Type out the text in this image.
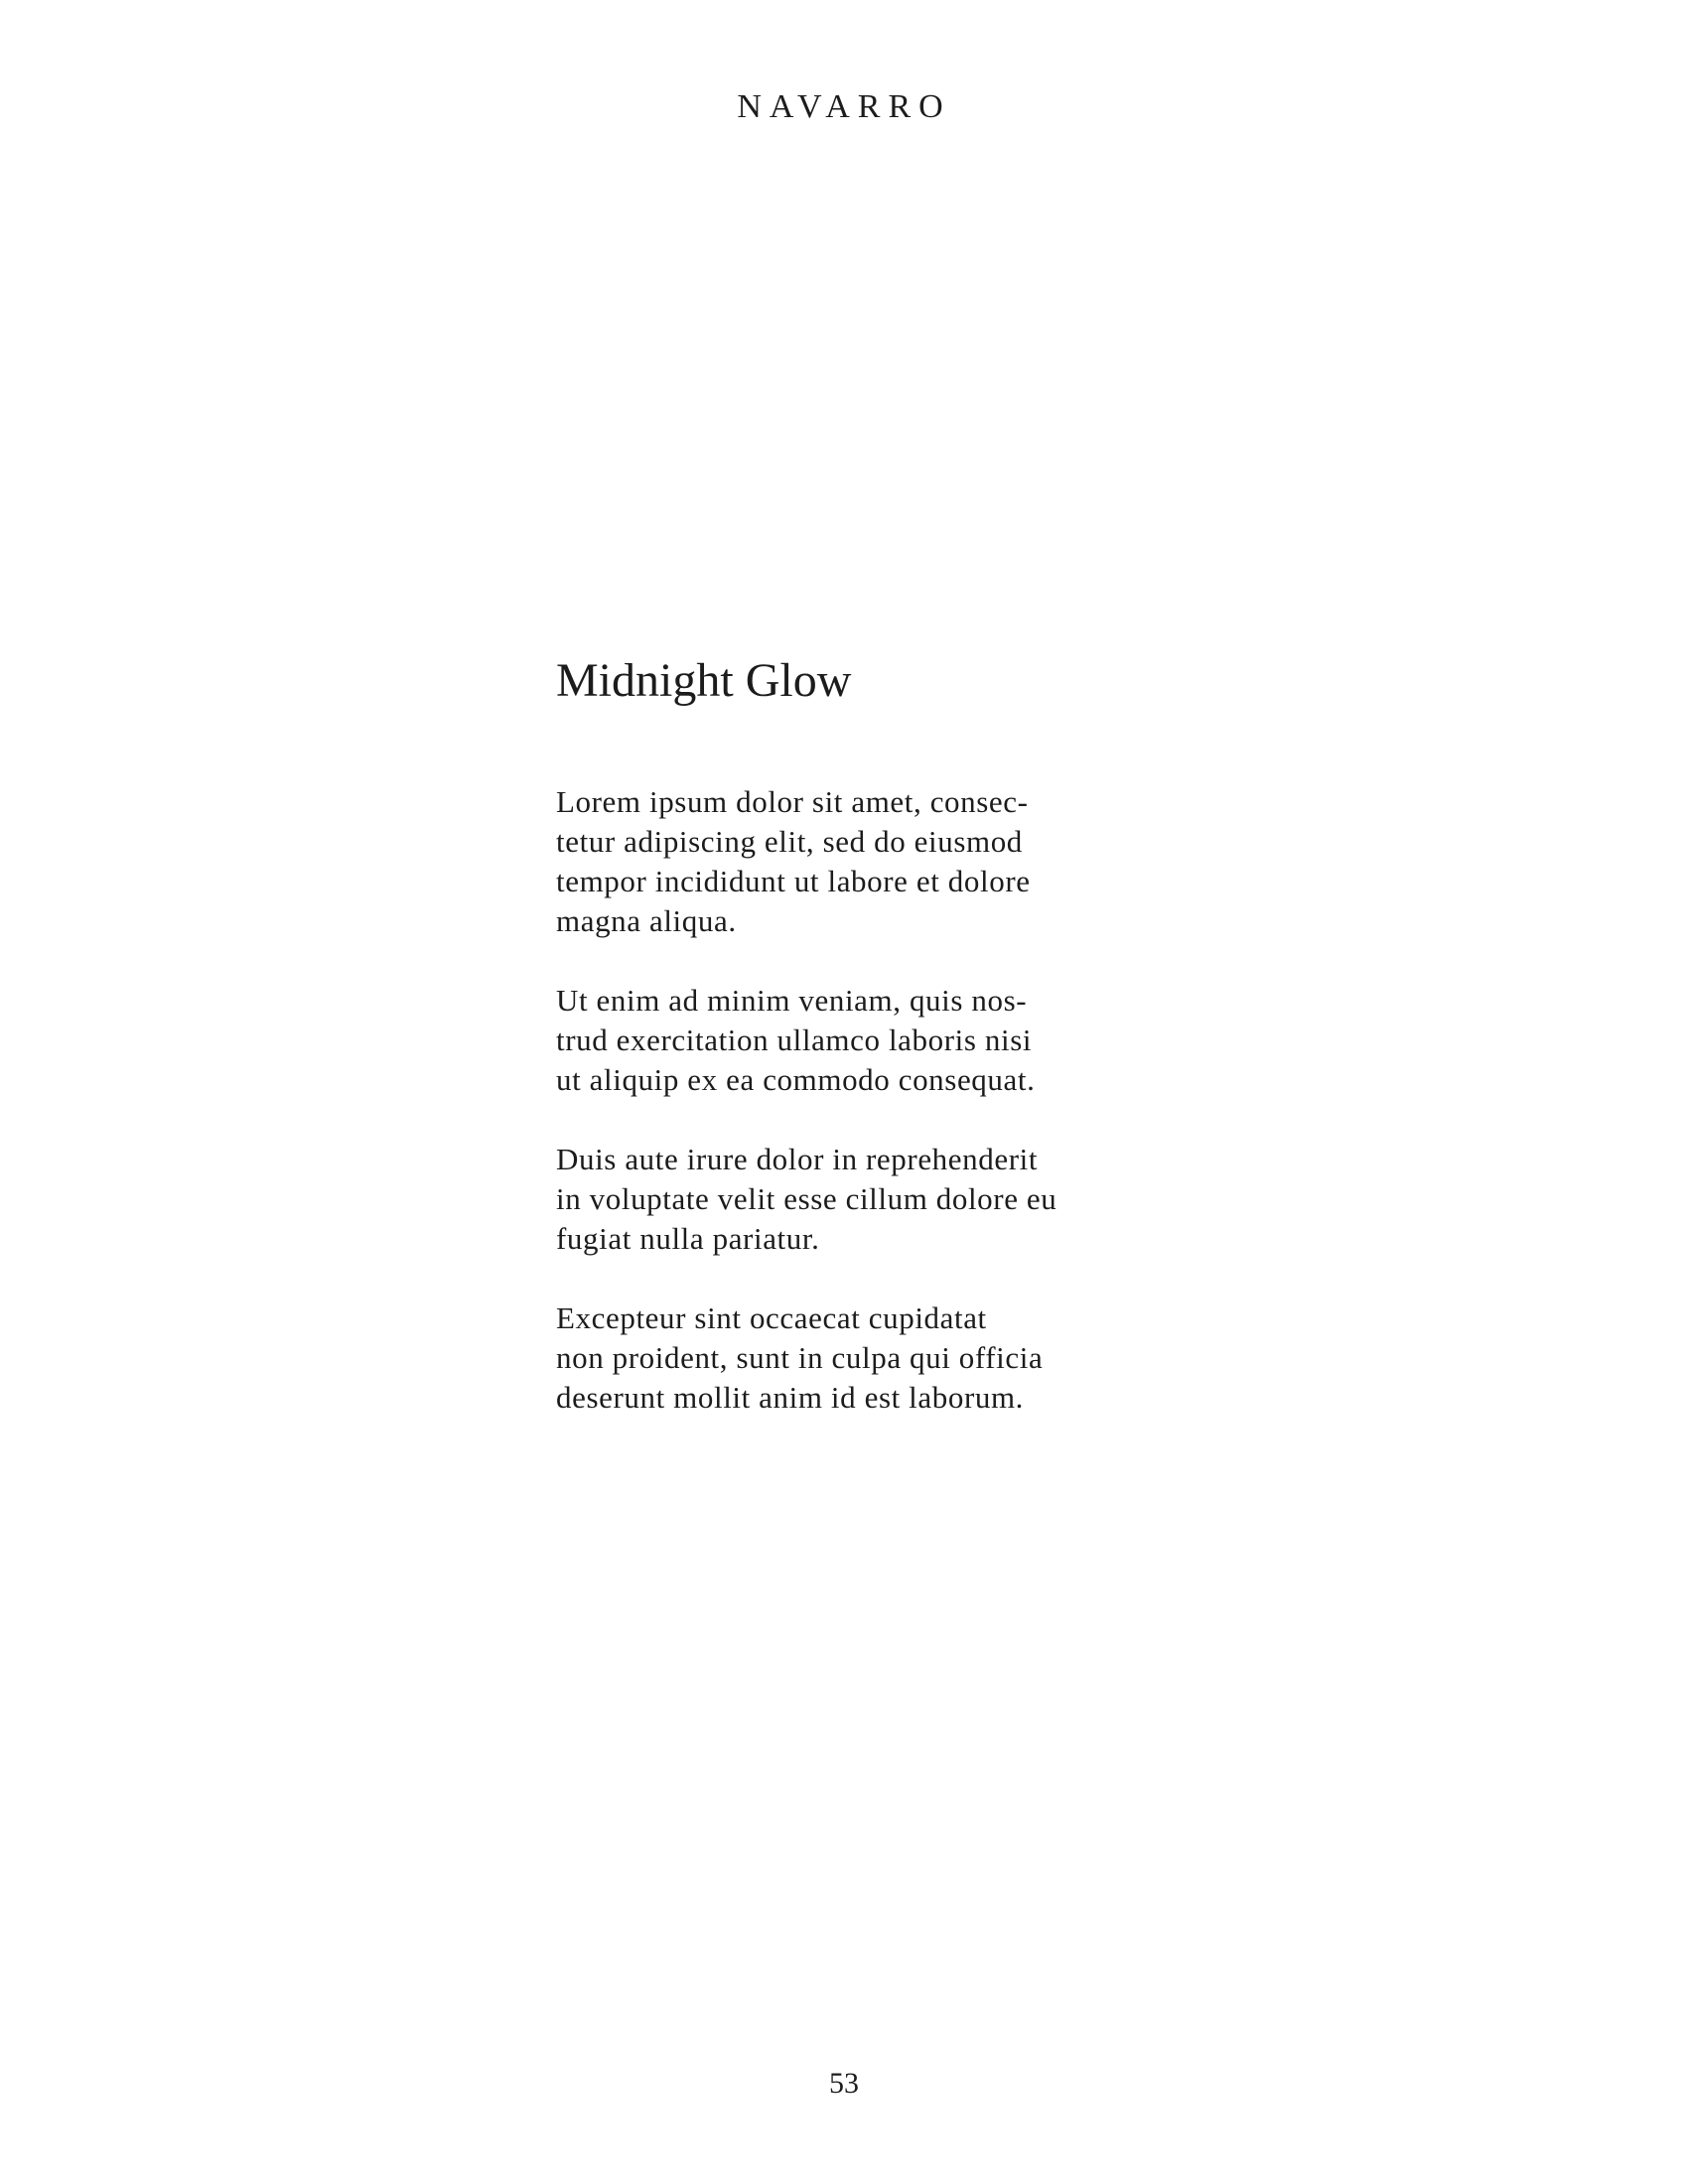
NAVARRO
Midnight Glow

Lorem ipsum dolor sit amet, consec-
tetur adipiscing elit, sed do eiusmod
tempor incididunt ut labore et dolore
magna aliqua.

Ut enim ad minim veniam, quis nos-
trud exercitation ullamco laboris nisi
ut aliquip ex ea commodo consequat.

Duis aute irure dolor in reprehenderit
in voluptate velit esse cillum dolore eu
fugiat nulla pariatur.

Excepteur sint occaecat cupidatat
non proident, sunt in culpa qui officia
deserunt mollit anim id est laborum.

53
